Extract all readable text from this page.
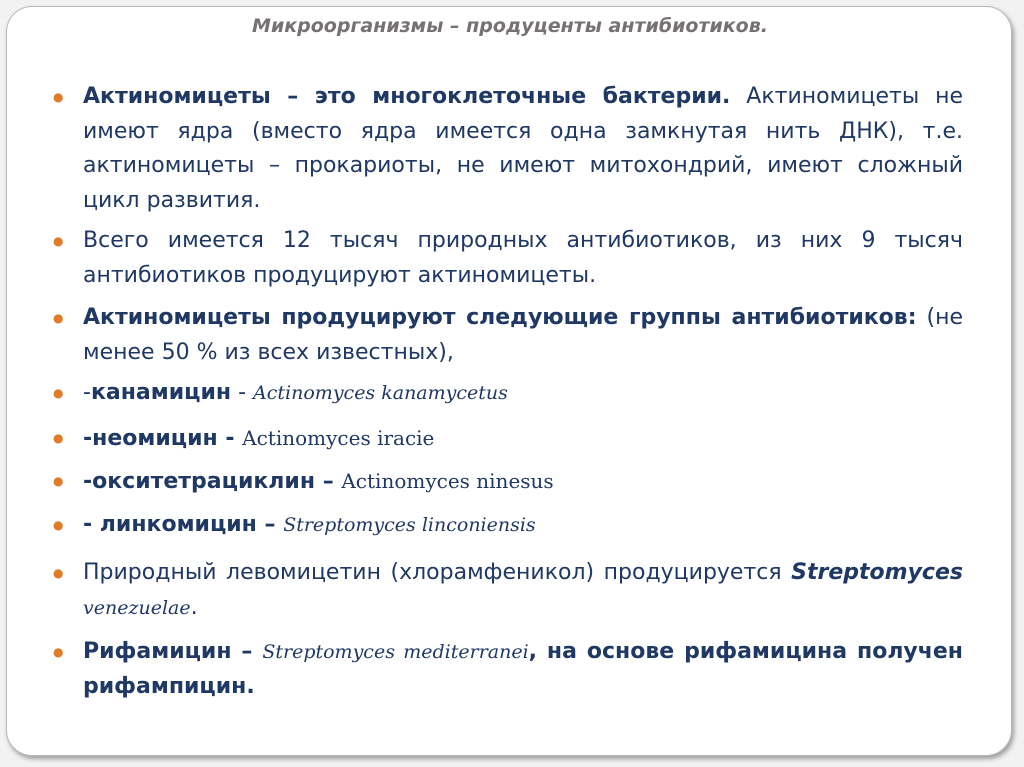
Микроорганизмы – продуценты антибиотиков.
● Актиномицеты – это многоклеточные бактерии. Актиномицеты не имеют ядра (вместо ядра имеется одна замкнутая нить ДНК), т.е. актиномицеты – прокариоты, не имеют митохондрий, имеют сложный цикл развития.
● Всего имеется 12 тысяч природных антибиотиков, из них 9 тысяч антибиотиков продуцируют актиномицеты.
● Актиномицеты продуцируют следующие группы антибиотиков: (не менее 50 % из всех известных),
● -канамицин - Actinomyces kanamycetus
● -неомицин - Actinomyces iracie
● -окситетрациклин – Actinomyces ninesus
● - линкомицин – Streptomyces linconiensis
● Природный левомицетин (хлорамфеникол) продуцируется Streptomyces venezuelae.
● Рифамицин – Streptomyces mediterranei, на основе рифамицина получен рифампицин.
